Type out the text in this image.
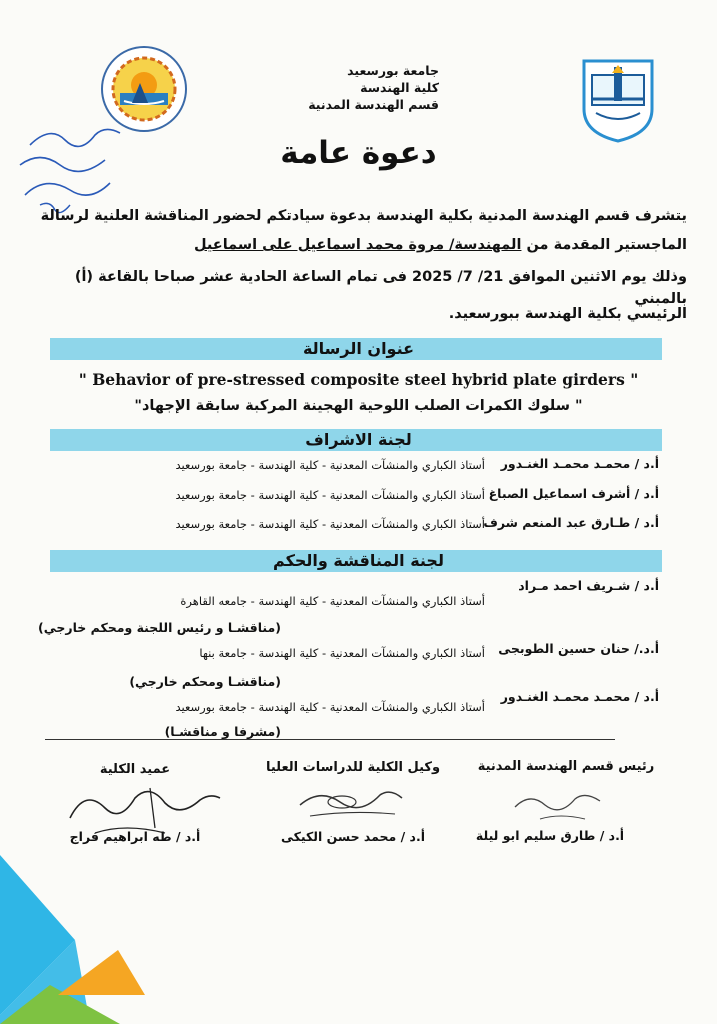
جامعة بورسعيد
كلية الهندسة
قسم الهندسة المدنية
دعوة عامة
يتشرف قسم الهندسة المدنية بكلية الهندسة بدعوة سيادتكم لحضور المناقشة العلنية لرسالة
الماجستير المقدمة من المهندسة/ مروة محمد اسماعيل على اسماعيل
وذلك يوم الاثنين الموافق 21/ 7/ 2025 فى تمام الساعة الحادية عشر صباحا بالقاعة (أ) بالمبني
الرئيسي بكلية الهندسة ببورسعيد.
عنوان الرسالة
" Behavior of pre-stressed composite steel hybrid plate girders "
" سلوك الكمرات الصلب اللوحية الهجينة المركبة سابقة الإجهاد"
لجنة الاشراف
أ.د / محمـد محمـد الغنـدور
أستاذ الكباري والمنشآت المعدنية - كلية الهندسة - جامعة بورسعيد
أ.د / أشرف اسماعيل الصباغ
أستاذ الكباري والمنشآت المعدنية - كلية الهندسة - جامعة بورسعيد
أ.د / طـارق عبد المنعم شرف
أستاذ الكباري والمنشآت المعدنية - كلية الهندسة - جامعة بورسعيد
لجنة المناقشة والحكم
أ.د / شـريف احمد مـراد
أستاذ الكباري والمنشآت المعدنية - كلية الهندسة - جامعه القاهرة
(مناقشـا و رئيس اللجنة ومحكم خارجي)
أ.د./ حنان حسين الطوبجى
أستاذ الكباري والمنشآت المعدنية - كلية الهندسة - جامعة بنها
(مناقشـا ومحكم خارجي)
أ.د / محمـد محمـد الغنـدور
أستاذ الكباري والمنشآت المعدنية - كلية الهندسة - جامعة بورسعيد
(مشرفا و مناقشـا)
رئيس قسم الهندسة المدنية
وكيل الكلية للدراسات العليا
عميد الكلية
أ.د / طارق سليم ابو ليلة
أ.د / محمد حسن الكيكى
أ.د / طه ابراهيم فراج
